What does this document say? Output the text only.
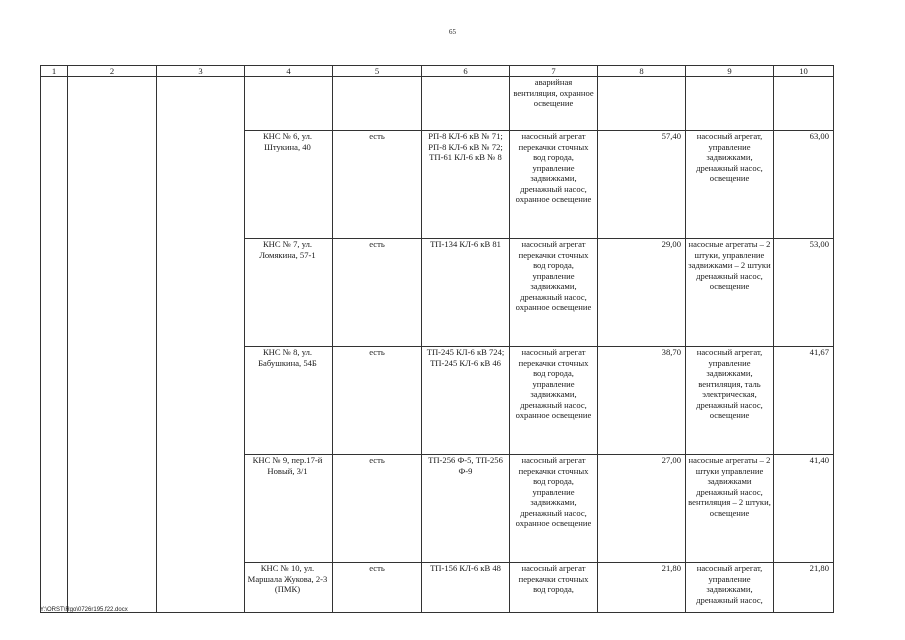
65
1	2	3	4	5	6	7	8	9	10
						аварийная вентиляция, охранное освещение			
			КНС № 6, ул. Штукина, 40	есть	РП-8 КЛ-6 кВ № 71; РП-8 КЛ-6 кВ № 72; ТП-61 КЛ-6 кВ № 8	насосный агрегат перекачки сточных вод города, управление задвижками, дренажный насос, охранное освещение	57,40	насосный агрегат, управление задвижками, дренажный насос, освещение	63,00
			КНС № 7, ул. Ломякина, 57-1	есть	ТП-134 КЛ-6 кВ 81	насосный агрегат перекачки сточных вод города, управление задвижками, дренажный насос, охранное освещение	29,00	насосные агрегаты – 2 штуки, управление задвижками – 2 штуки дренажный насос, освещение	53,00
			КНС № 8, ул. Бабушкина, 54Б	есть	ТП-245 КЛ-6 кВ 724; ТП-245 КЛ-6 кВ 46	насосный агрегат перекачки сточных вод города, управление задвижками, дренажный насос, охранное освещение	38,70	насосный агрегат, управление задвижками, вентиляция, таль электрическая, дренажный насос, освещение	41,67
			КНС № 9, пер.17-й Новый, 3/1	есть	ТП-256 Ф-5, ТП-256 Ф-9	насосный агрегат перекачки сточных вод города, управление задвижками, дренажный насос, охранное освещение	27,00	насосные агрегаты – 2 штуки управление задвижками дренажный насос, вентиляция – 2 штуки, освещение	41,40
			КНС № 10, ул. Маршала Жукова, 2-3 (ПМК)	есть	ТП-156 КЛ-6 кВ 48	насосный агрегат перекачки сточных вод города,	21,80	насосный агрегат, управление задвижками, дренажный насос,	21,80
Y:\ORST\Rgo\0726r195.f22.docx
